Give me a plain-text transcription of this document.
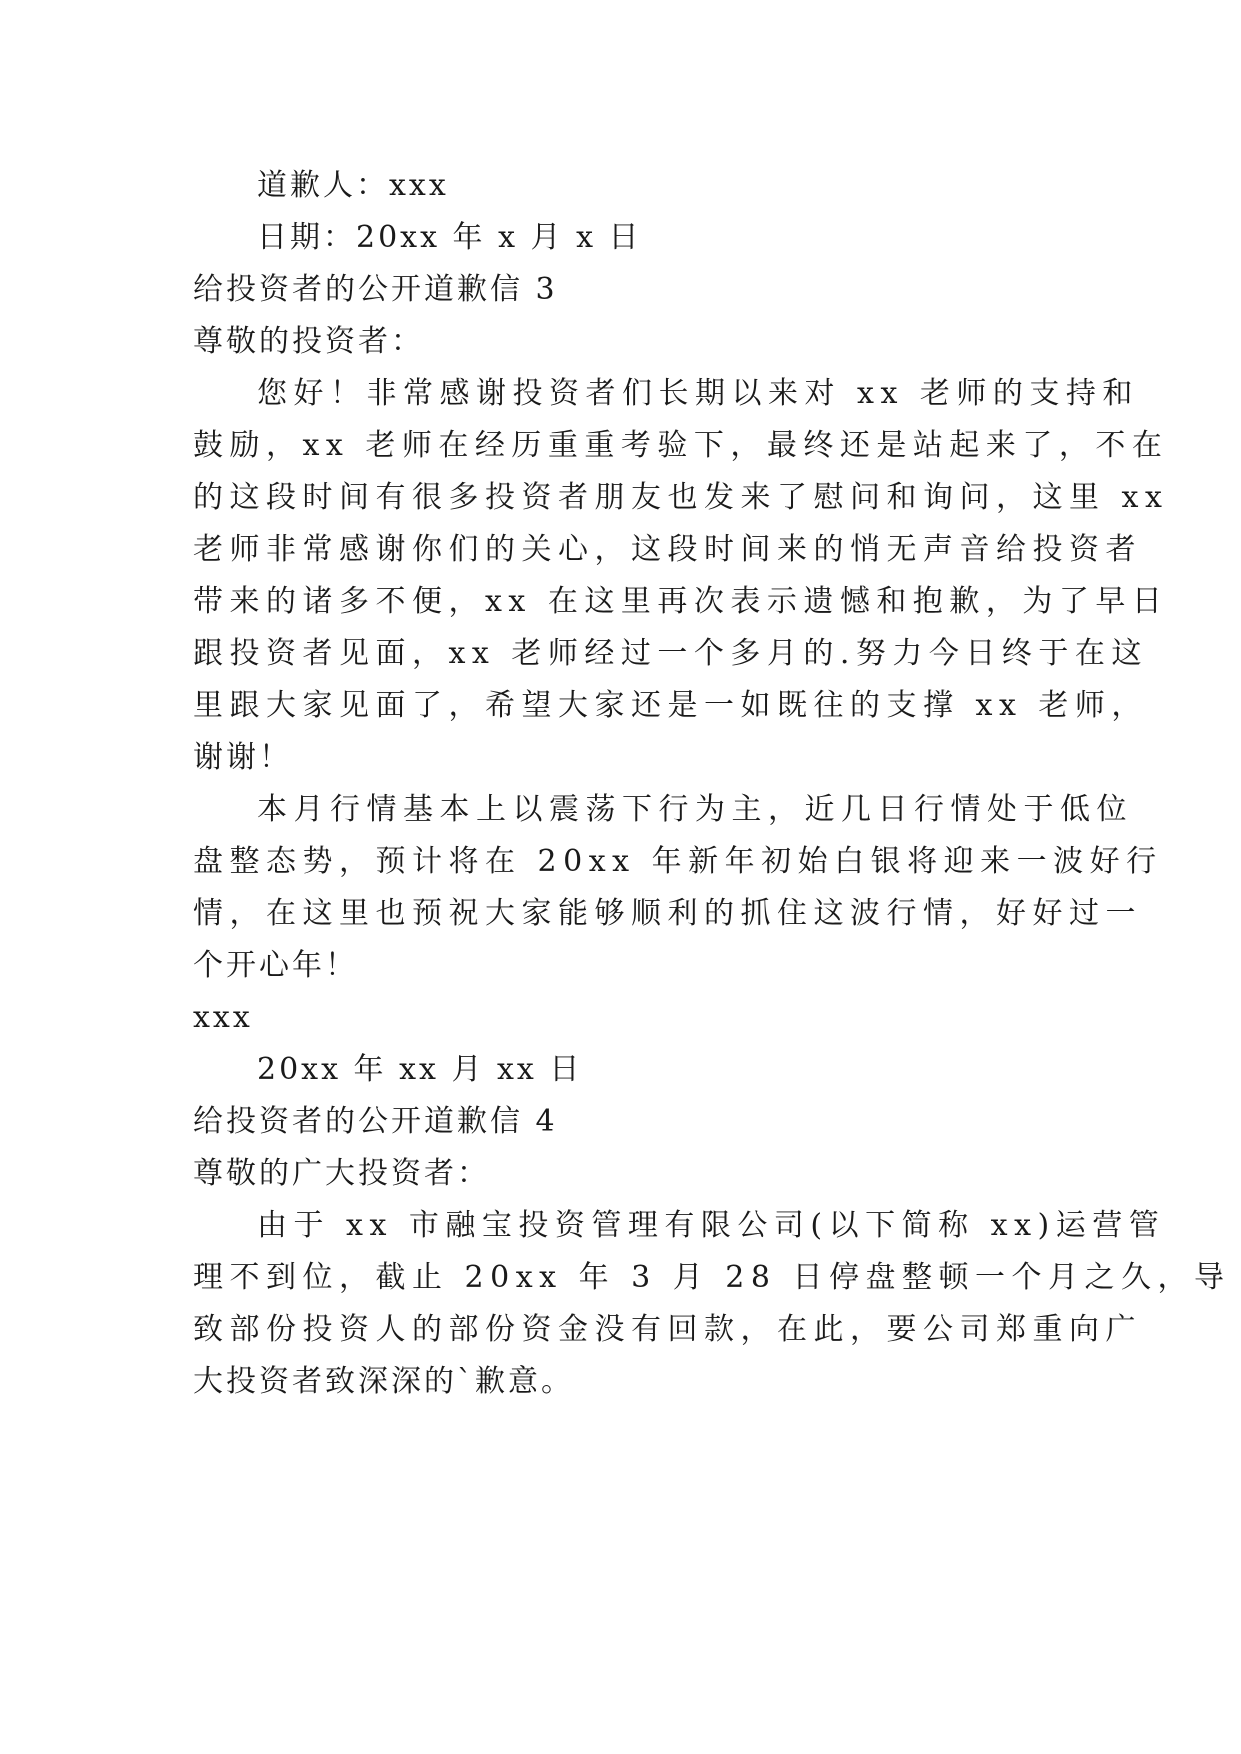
道歉人：xxx
日期：20xx 年 x 月 x 日
给投资者的公开道歉信 3
尊敬的投资者：
您好！非常感谢投资者们长期以来对 xx 老师的支持和
鼓励，xx 老师在经历重重考验下，最终还是站起来了，不在
的这段时间有很多投资者朋友也发来了慰问和询问，这里 xx
老师非常感谢你们的关心，这段时间来的悄无声音给投资者
带来的诸多不便，xx 在这里再次表示遗憾和抱歉，为了早日
跟投资者见面，xx 老师经过一个多月的.努力今日终于在这
里跟大家见面了，希望大家还是一如既往的支撑 xx 老师，
谢谢！
本月行情基本上以震荡下行为主，近几日行情处于低位
盘整态势，预计将在 20xx 年新年初始白银将迎来一波好行
情，在这里也预祝大家能够顺利的抓住这波行情，好好过一
个开心年！
xxx
20xx 年 xx 月 xx 日
给投资者的公开道歉信 4
尊敬的广大投资者：
由于 xx 市融宝投资管理有限公司(以下简称 xx)运营管
理不到位，截止 20xx 年 3 月 28 日停盘整顿一个月之久，导
致部份投资人的部份资金没有回款，在此，要公司郑重向广
大投资者致深深的`歉意。
